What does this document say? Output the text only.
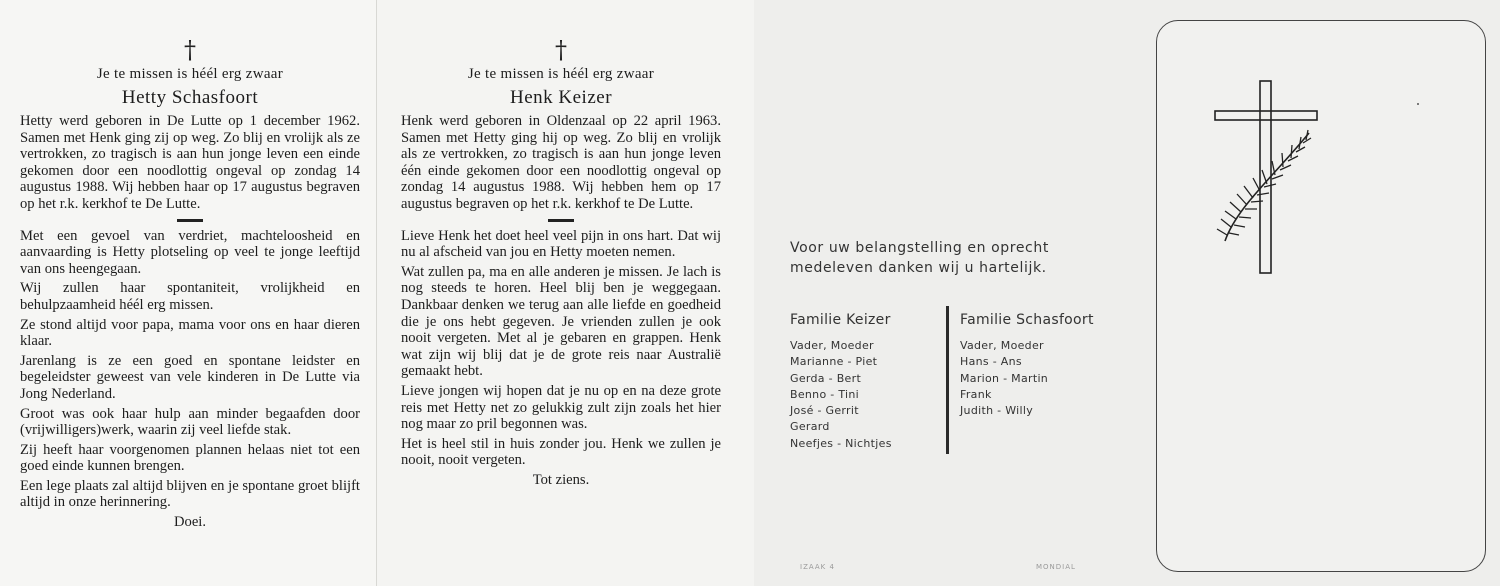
†
Je te missen is héél erg zwaar
Hetty Schasfoort

Hetty werd geboren in De Lutte op 1 december 1962. Samen met Henk ging zij op weg. Zo blij en vrolijk als ze vertrokken, zo tragisch is aan hun jonge leven een einde gekomen door een noodlottig ongeval op zondag 14 augustus 1988. Wij hebben haar op 17 augustus begraven op het r.k. kerkhof te De Lutte.

Met een gevoel van verdriet, machteloosheid en aanvaarding is Hetty plotseling op veel te jonge leeftijd van ons heengegaan.

Wij zullen haar spontaniteit, vrolijkheid en behulpzaamheid héél erg missen.

Ze stond altijd voor papa, mama voor ons en haar dieren klaar.

Jarenlang is ze een goed en spontane leidster en begeleidster geweest van vele kinderen in De Lutte via Jong Nederland.

Groot was ook haar hulp aan minder begaafden door (vrijwilligers)werk, waarin zij veel liefde stak.

Zij heeft haar voorgenomen plannen helaas niet tot een goed einde kunnen brengen.

Een lege plaats zal altijd blijven en je spontane groet blijft altijd in onze herinnering.

Doei.
†
Je te missen is héél erg zwaar
Henk Keizer

Henk werd geboren in Oldenzaal op 22 april 1963. Samen met Hetty ging hij op weg. Zo blij en vrolijk als ze vertrokken, zo tragisch is aan hun jonge leven één einde gekomen door een noodlottig ongeval op zondag 14 augustus 1988. Wij hebben hem op 17 augustus begraven op het r.k. kerkhof te De Lutte.

Lieve Henk het doet heel veel pijn in ons hart. Dat wij nu al afscheid van jou en Hetty moeten nemen.

Wat zullen pa, ma en alle anderen je missen. Je lach is nog steeds te horen. Heel blij ben je weggegaan. Dankbaar denken we terug aan alle liefde en goedheid die je ons hebt gegeven. Je vrienden zullen je ook nooit vergeten. Met al je gebaren en grappen. Henk wat zijn wij blij dat je de grote reis naar Australië gemaakt hebt.

Lieve jongen wij hopen dat je nu op en na deze grote reis met Hetty net zo gelukkig zult zijn zoals het hier nog maar zo pril begonnen was.

Het is heel stil in huis zonder jou. Henk we zullen je nooit, nooit vergeten.

Tot ziens.
Voor uw belangstelling en oprecht medeleven danken wij u hartelijk.
Familie Keizer
Vader, Moeder
Marianne - Piet
Gerda - Bert
Benno - Tini
José - Gerrit
Gerard
Neefjes - Nichtjes
Familie Schasfoort
Vader, Moeder
Hans - Ans
Marion - Martin
Frank
Judith - Willy
IZAAK 4	MONDIAL
